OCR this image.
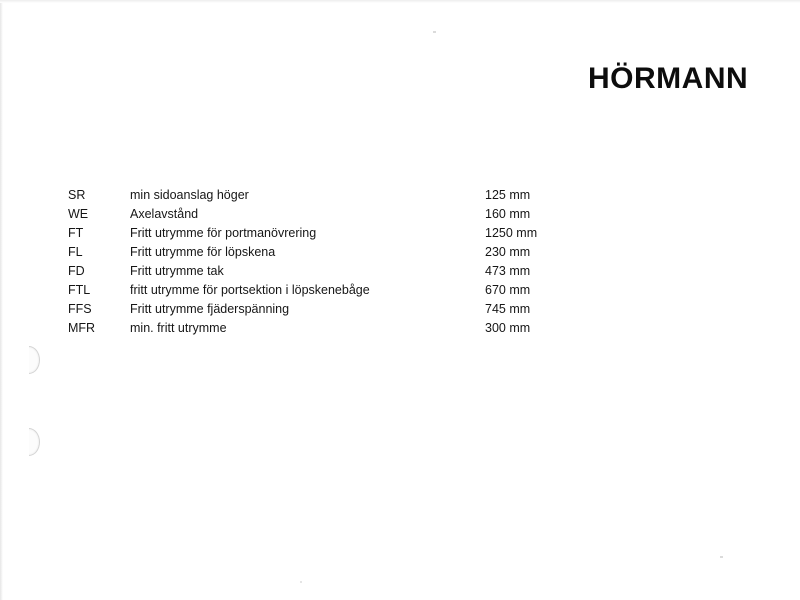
HÖRMANN
SR	min sidoanslag höger	125 mm
WE	Axelavstånd	160 mm
FT	Fritt utrymme för portmanövrering	1250 mm
FL	Fritt utrymme för löpskena	230 mm
FD	Fritt utrymme tak	473 mm
FTL	fritt utrymme för portsektion i löpskenebåge	670 mm
FFS	Fritt utrymme fjäderspänning	745 mm
MFR	min. fritt utrymme	300 mm
